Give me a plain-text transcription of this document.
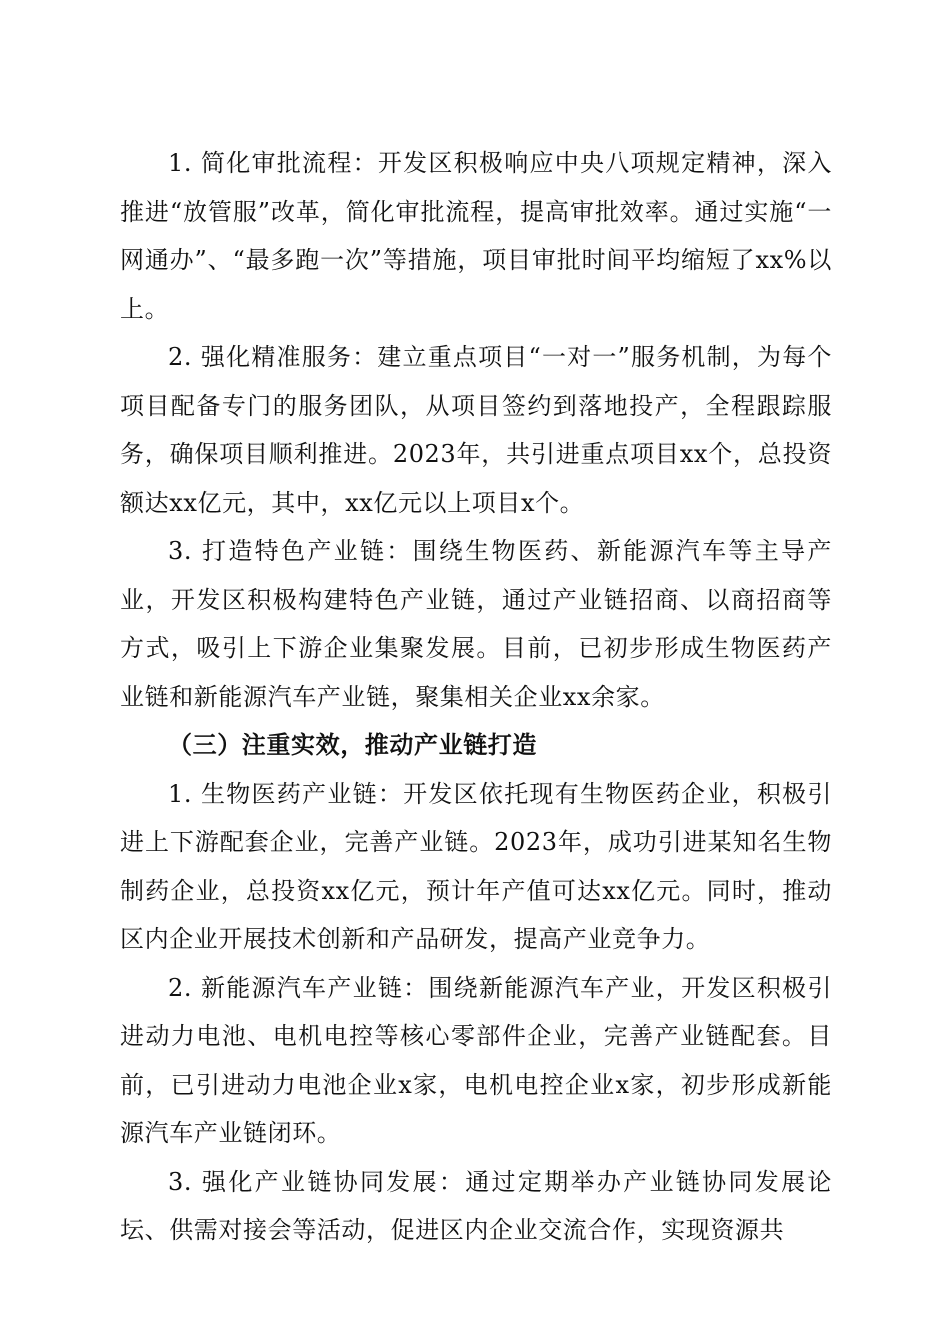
1. 简化审批流程：开发区积极响应中央八项规定精神，深入推进“放管服”改革，简化审批流程，提高审批效率。通过实施“一网通办”、“最多跑一次”等措施，项目审批时间平均缩短了xx%以上。

2. 强化精准服务：建立重点项目“一对一”服务机制，为每个项目配备专门的服务团队，从项目签约到落地投产，全程跟踪服务，确保项目顺利推进。2023年，共引进重点项目xx个，总投资额达xx亿元，其中，xx亿元以上项目x个。

3. 打造特色产业链：围绕生物医药、新能源汽车等主导产业，开发区积极构建特色产业链，通过产业链招商、以商招商等方式，吸引上下游企业集聚发展。目前，已初步形成生物医药产业链和新能源汽车产业链，聚集相关企业xx余家。

（三）注重实效，推动产业链打造

1. 生物医药产业链：开发区依托现有生物医药企业，积极引进上下游配套企业，完善产业链。2023年，成功引进某知名生物制药企业，总投资xx亿元，预计年产值可达xx亿元。同时，推动区内企业开展技术创新和产品研发，提高产业竞争力。

2. 新能源汽车产业链：围绕新能源汽车产业，开发区积极引进动力电池、电机电控等核心零部件企业，完善产业链配套。目前，已引进动力电池企业x家，电机电控企业x家，初步形成新能源汽车产业链闭环。

3. 强化产业链协同发展：通过定期举办产业链协同发展论坛、供需对接会等活动，促进区内企业交流合作，实现资源共
